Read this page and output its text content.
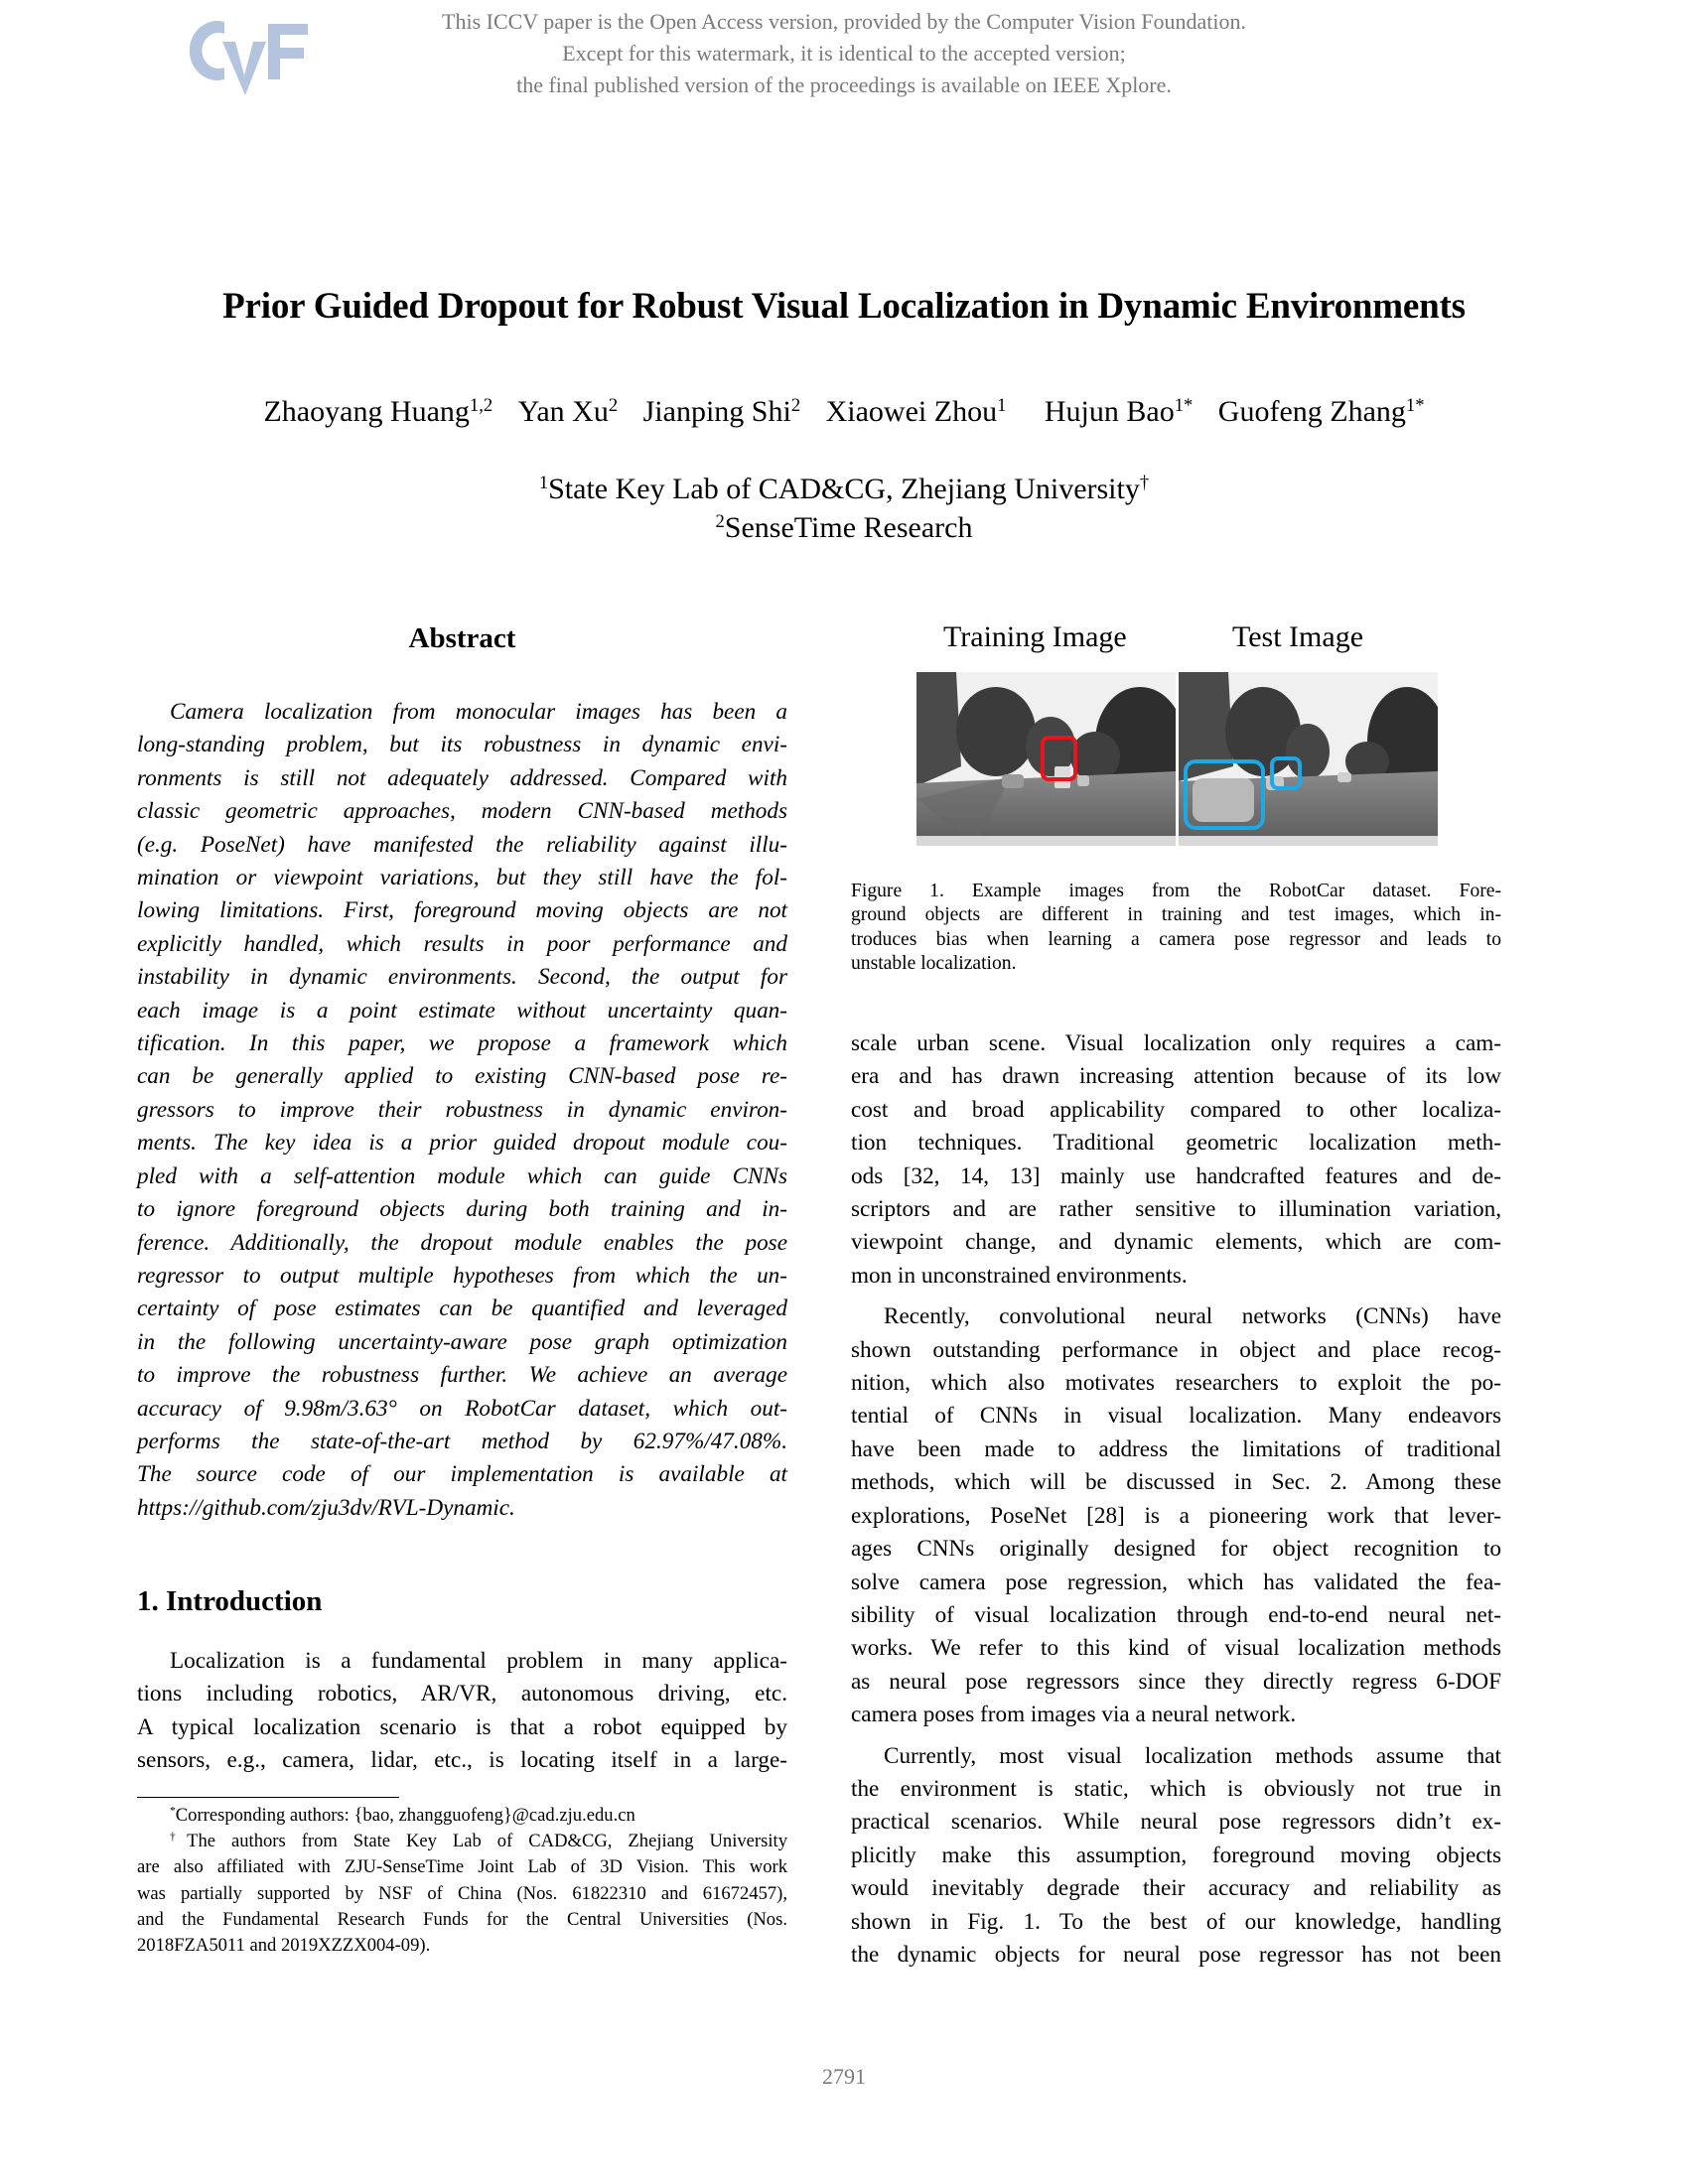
This ICCV paper is the Open Access version, provided by the Computer Vision Foundation.
Except for this watermark, it is identical to the accepted version;
the final published version of the proceedings is available on IEEE Xplore.
Prior Guided Dropout for Robust Visual Localization in Dynamic Environments
Zhaoyang Huang$^{1,2}$ Yan Xu$^2$ Jianping Shi$^2$ Xiaowei Zhou$^1$ Hujun Bao$^{1*}$ Guofeng Zhang$^{1*}$
$^1$State Key Lab of CAD&CG, Zhejiang University†
$^2$SenseTime Research
Abstract
Camera localization from monocular images has been a
long-standing problem, but its robustness in dynamic envi-
ronments is still not adequately addressed. Compared with
classic geometric approaches, modern CNN-based methods
(e.g. PoseNet) have manifested the reliability against illu-
mination or viewpoint variations, but they still have the fol-
lowing limitations. First, foreground moving objects are not
explicitly handled, which results in poor performance and
instability in dynamic environments. Second, the output for
each image is a point estimate without uncertainty quan-
tification. In this paper, we propose a framework which
can be generally applied to existing CNN-based pose re-
gressors to improve their robustness in dynamic environ-
ments. The key idea is a prior guided dropout module cou-
pled with a self-attention module which can guide CNNs
to ignore foreground objects during both training and in-
ference. Additionally, the dropout module enables the pose
regressor to output multiple hypotheses from which the un-
certainty of pose estimates can be quantified and leveraged
in the following uncertainty-aware pose graph optimization
to improve the robustness further. We achieve an average
accuracy of 9.98m/3.63° on RobotCar dataset, which out-
performs the state-of-the-art method by 62.97%/47.08%.
The source code of our implementation is available at
https://github.com/zju3dv/RVL-Dynamic.
1. Introduction
Localization is a fundamental problem in many applica-
tions including robotics, AR/VR, autonomous driving, etc.
A typical localization scenario is that a robot equipped by
sensors, e.g., camera, lidar, etc., is locating itself in a large-

*Corresponding authors: {bao, zhangguofeng}@cad.zju.edu.cn

†The authors from State Key Lab of CAD&CG, Zhejiang University
are also affiliated with ZJU-SenseTime Joint Lab of 3D Vision. This work
was partially supported by NSF of China (Nos. 61822310 and 61672457),
and the Fundamental Research Funds for the Central Universities (Nos.
2018FZA5011 and 2019XZZX004-09).
Training Image	Test Image
Figure 1. Example images from the RobotCar dataset. Fore-
ground objects are different in training and test images, which in-
troduces bias when learning a camera pose regressor and leads to
unstable localization.
scale urban scene. Visual localization only requires a cam-
era and has drawn increasing attention because of its low
cost and broad applicability compared to other localiza-
tion techniques. Traditional geometric localization meth-
ods [32, 14, 13] mainly use handcrafted features and de-
scriptors and are rather sensitive to illumination variation,
viewpoint change, and dynamic elements, which are com-
mon in unconstrained environments.
Recently, convolutional neural networks (CNNs) have
shown outstanding performance in object and place recog-
nition, which also motivates researchers to exploit the po-
tential of CNNs in visual localization. Many endeavors
have been made to address the limitations of traditional
methods, which will be discussed in Sec. 2. Among these
explorations, PoseNet [28] is a pioneering work that lever-
ages CNNs originally designed for object recognition to
solve camera pose regression, which has validated the fea-
sibility of visual localization through end-to-end neural net-
works. We refer to this kind of visual localization methods
as neural pose regressors since they directly regress 6-DOF
camera poses from images via a neural network.
Currently, most visual localization methods assume that
the environment is static, which is obviously not true in
practical scenarios. While neural pose regressors didn’t ex-
plicitly make this assumption, foreground moving objects
would inevitably degrade their accuracy and reliability as
shown in Fig. 1. To the best of our knowledge, handling
the dynamic objects for neural pose regressor has not been
2791
